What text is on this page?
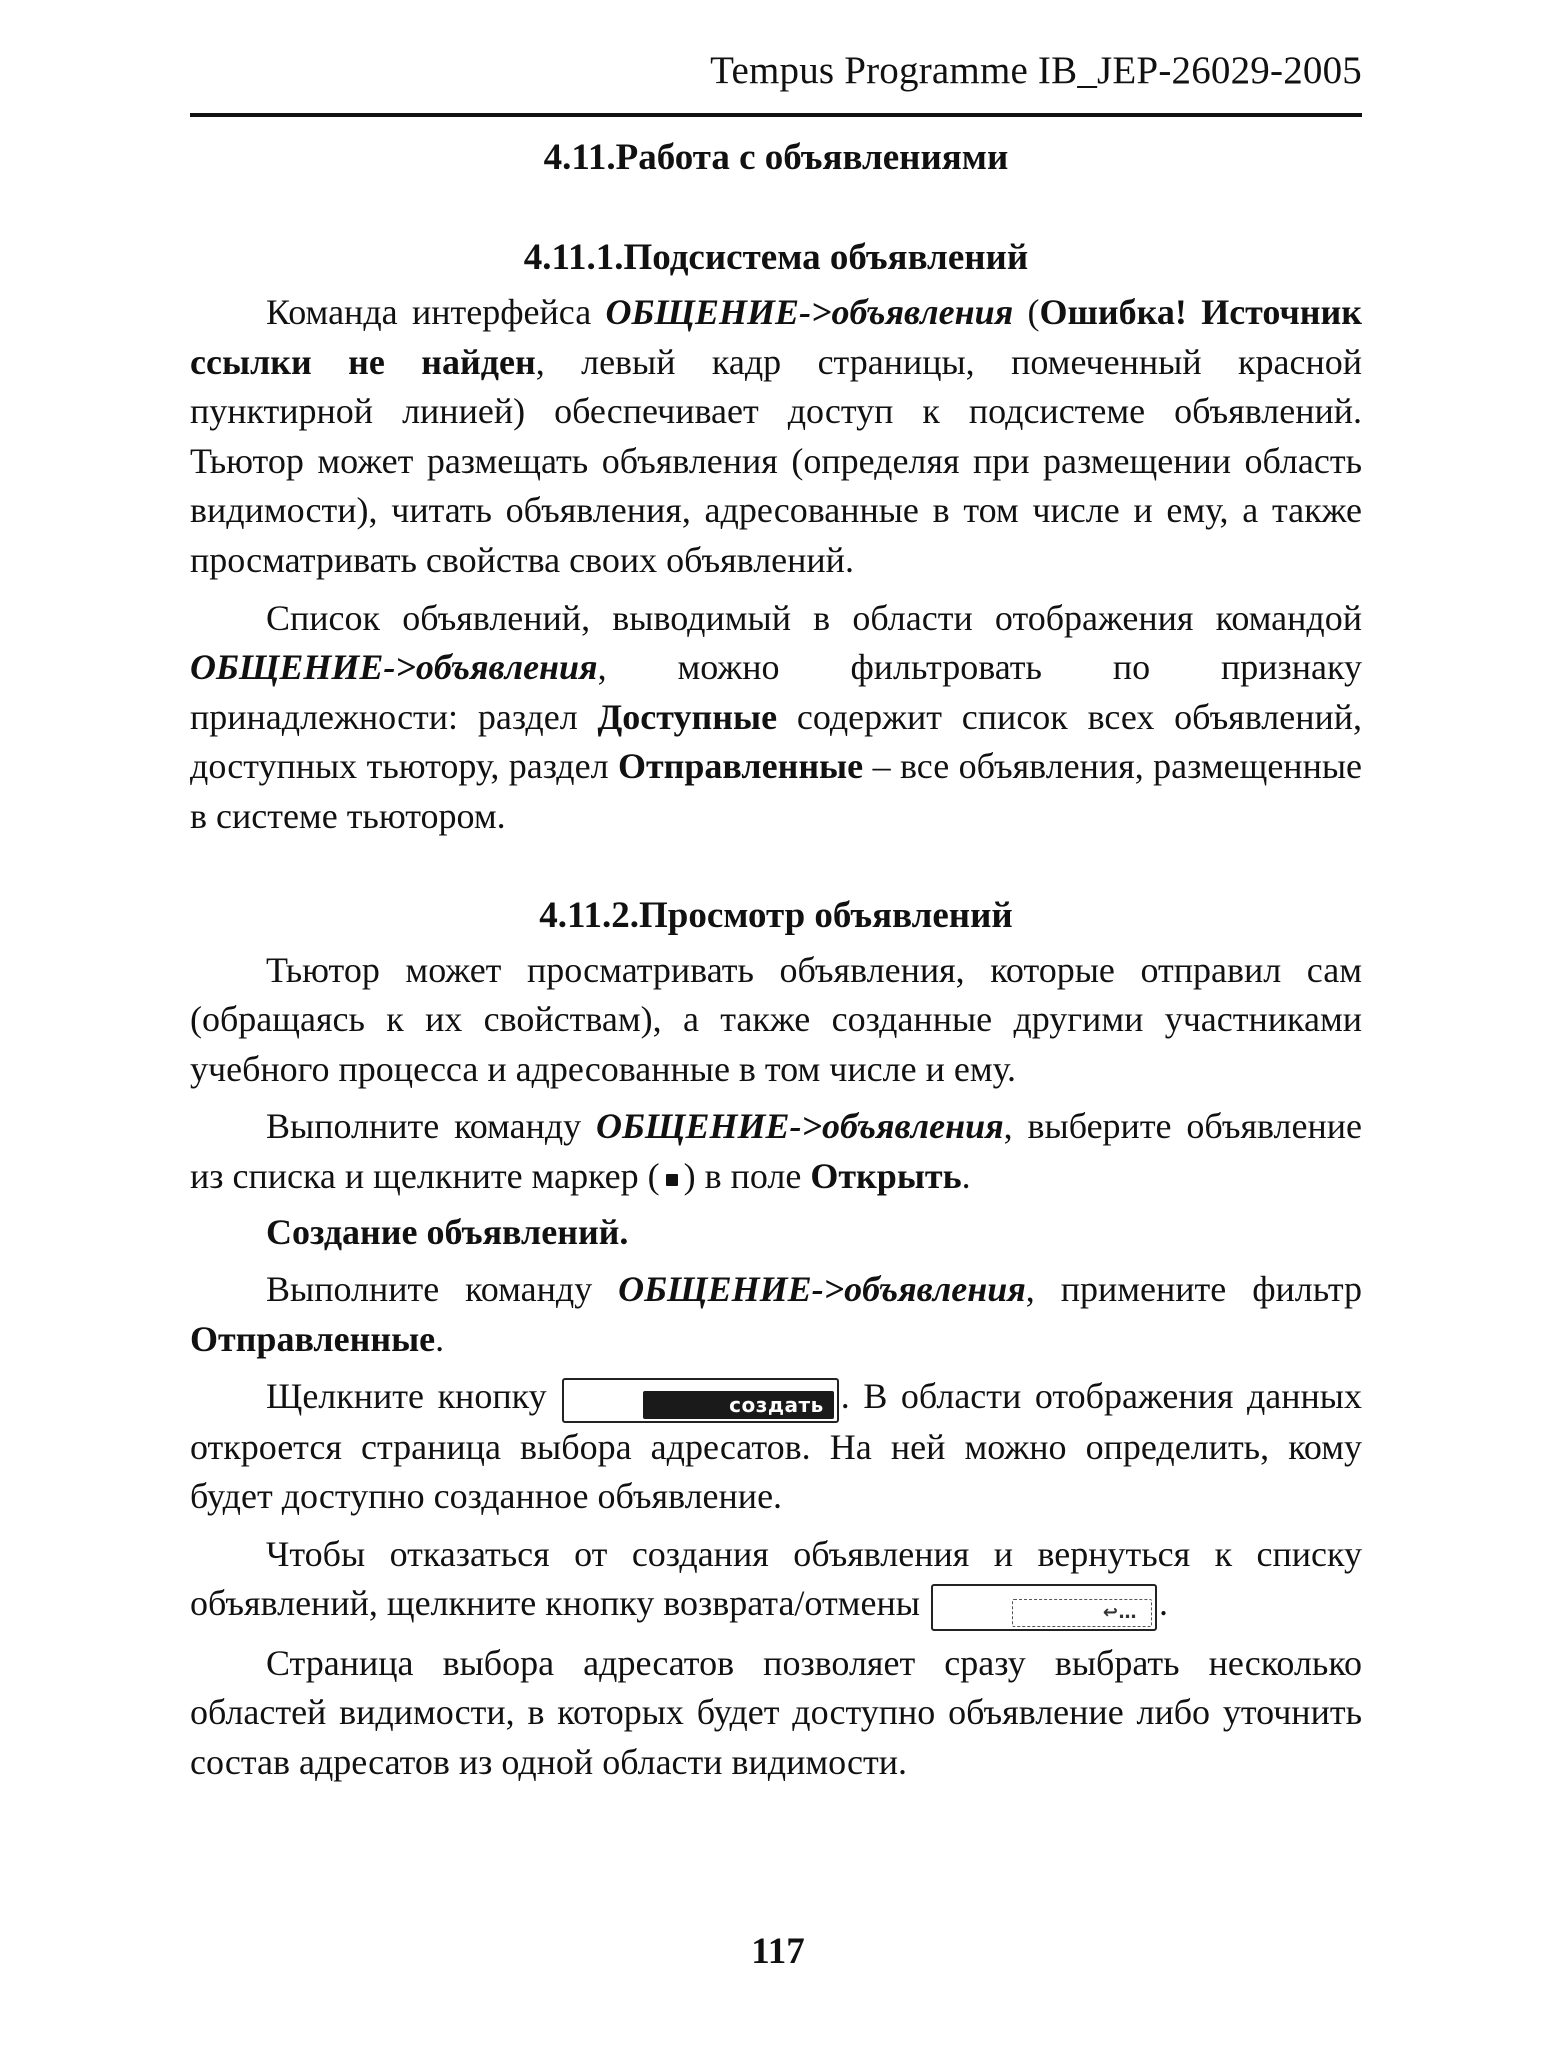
Tempus Programme IB_JEP-26029-2005
4.11.Работа с объявлениями
4.11.1.Подсистема объявлений

Команда интерфейса ОБЩЕНИЕ->объявления (Ошибка! Источник ссылки не найден, левый кадр страницы, помеченный красной пунктирной линией) обеспечивает доступ к подсистеме объявлений. Тьютор может размещать объявления (определяя при размещении область видимости), читать объявления, адресованные в том числе и ему, а также просматривать свойства своих объявлений.

Список объявлений, выводимый в области отображения командой ОБЩЕНИЕ->объявления, можно фильтровать по признаку принадлежности: раздел Доступные содержит список всех объявлений, доступных тьютору, раздел Отправленные – все объявления, размещенные в системе тьютором.

4.11.2.Просмотр объявлений

Тьютор может просматривать объявления, которые отправил сам (обращаясь к их свойствам), а также созданные другими участниками учебного процесса и адресованные в том числе и ему.

Выполните команду ОБЩЕНИЕ->объявления, выберите объявление из списка и щелкните маркер ( ) в поле Открыть.

Создание объявлений.

Выполните команду ОБЩЕНИЕ->объявления, примените фильтр Отправленные.

Щелкните кнопку	создать . В области отображения данных откроется страница выбора адресатов. На ней можно определить, кому будет доступно созданное объявление.

Чтобы отказаться от создания объявления и вернуться к списку объявлений, щелкните кнопку возврата/отмены	↩… .

Страница выбора адресатов позволяет сразу выбрать несколько областей видимости, в которых будет доступно объявление либо уточнить состав адресатов из одной области видимости.

117
